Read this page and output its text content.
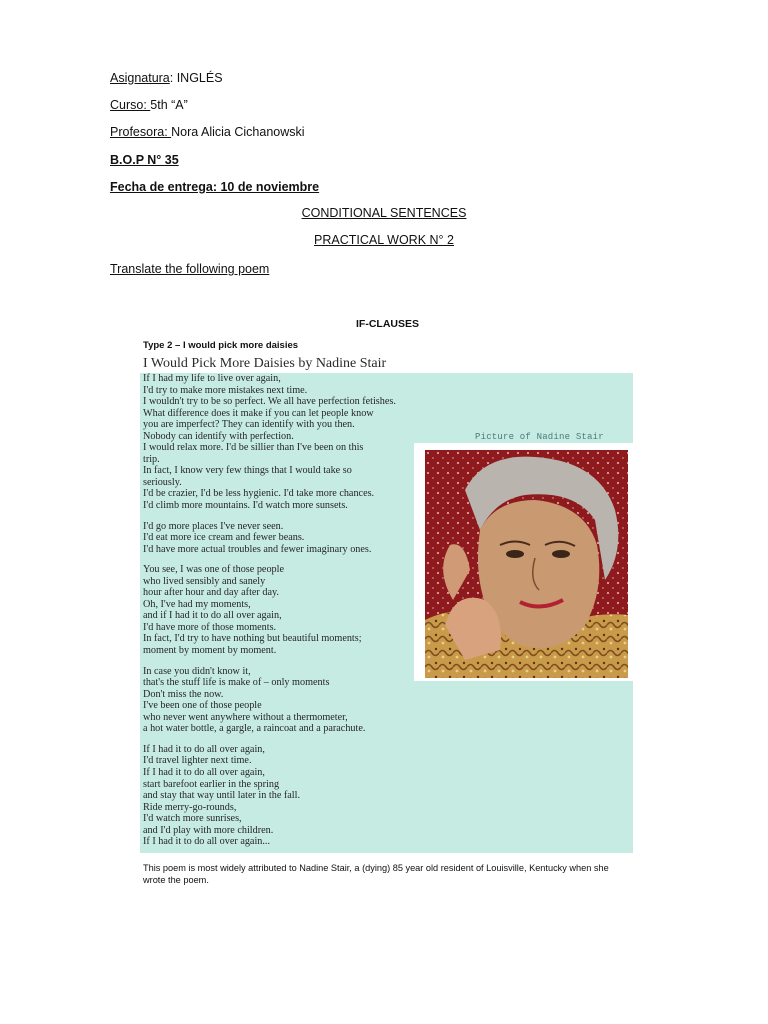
Asignatura: INGLÉS
Curso: 5th “A”
Profesora: Nora Alicia Cichanowski
B.O.P N° 35
Fecha de entrega: 10 de noviembre
CONDITIONAL SENTENCES
PRACTICAL WORK N° 2
Translate the following poem
IF-CLAUSES
Type 2 – I would pick more daisies
I Would Pick More Daisies by Nadine Stair
Picture of Nadine Stair
If I had my life to live over again,
I'd try to make more mistakes next time.
I wouldn't try to be so perfect. We all have perfection fetishes.
What difference does it make if you can let people know
you are imperfect? They can identify with you then.
Nobody can identify with perfection.
I would relax more. I'd be sillier than I've been on this
trip.
In fact, I know very few things that I would take so
seriously.
I'd be crazier, I'd be less hygienic. I'd take more chances.
I'd climb more mountains. I'd watch more sunsets.
I'd go more places I've never seen.
I'd eat more ice cream and fewer beans.
I'd have more actual troubles and fewer imaginary ones.
You see, I was one of those people
who lived sensibly and sanely
hour after hour and day after day.
Oh, I've had my moments,
and if I had it to do all over again,
I'd have more of those moments.
In fact, I'd try to have nothing but beautiful moments;
moment by moment by moment.
In case you didn't know it,
that's the stuff life is make of – only moments
Don't miss the now.
I've been one of those people
who never went anywhere without a thermometer,
a hot water bottle, a gargle, a raincoat and a parachute.
If I had it to do all over again,
I'd travel lighter next time.
If I had it to do all over again,
start barefoot earlier in the spring
and stay that way until later in the fall.
Ride merry-go-rounds,
I'd watch more sunrises,
and I'd play with more children.
If I had it to do all over again...
This poem is most widely attributed to Nadine Stair, a (dying) 85 year old resident of Louisville, Kentucky when she wrote the poem.
